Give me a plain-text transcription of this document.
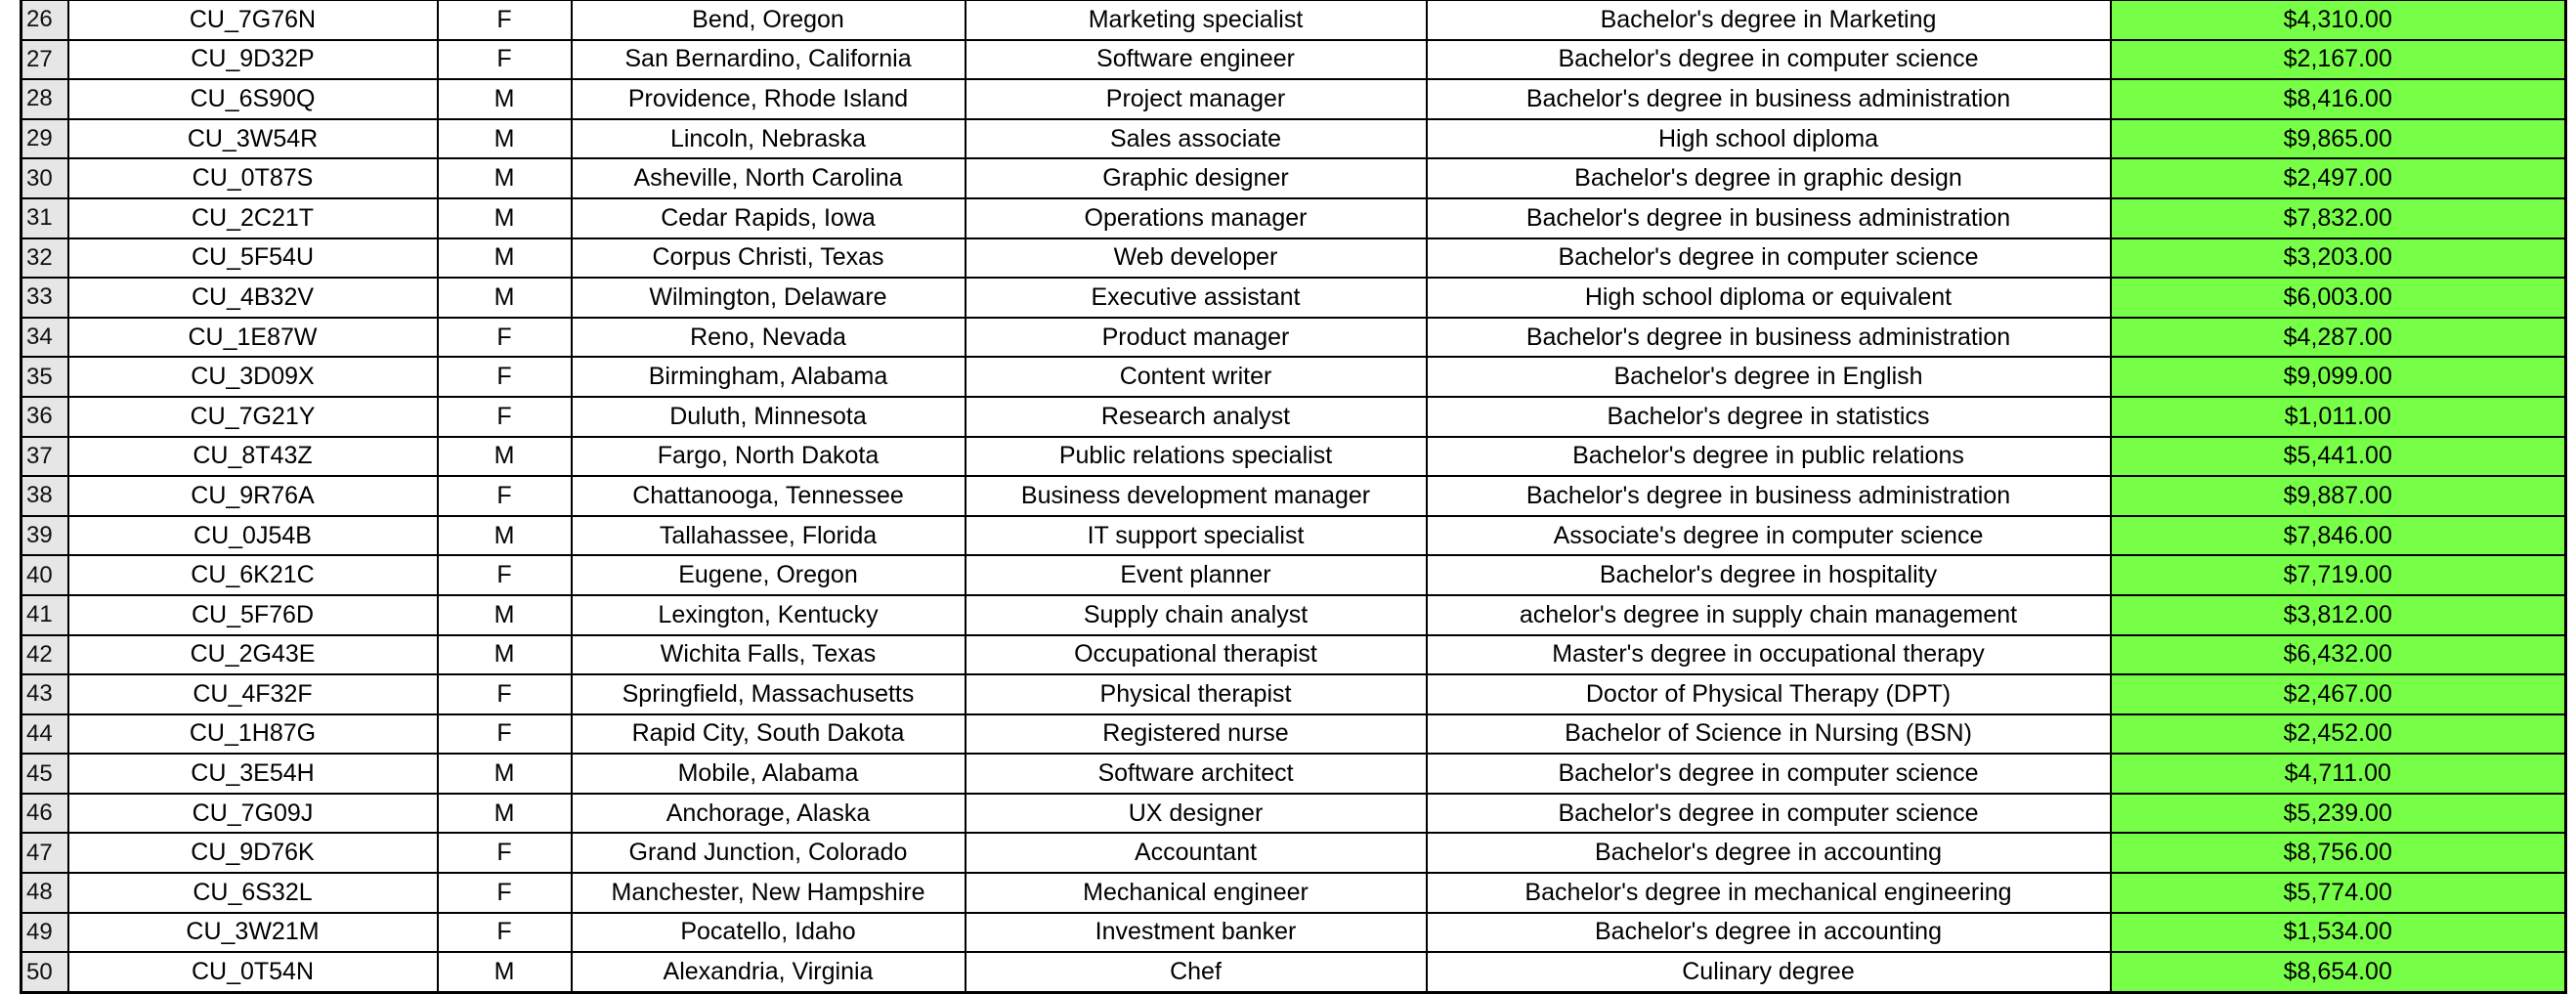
26	CU_7G76N	F	Bend, Oregon	Marketing specialist	Bachelor's degree in Marketing	$4,310.00
27	CU_9D32P	F	San Bernardino, California	Software engineer	Bachelor's degree in computer science	$2,167.00
28	CU_6S90Q	M	Providence, Rhode Island	Project manager	Bachelor's degree in business administration	$8,416.00
29	CU_3W54R	M	Lincoln, Nebraska	Sales associate	High school diploma	$9,865.00
30	CU_0T87S	M	Asheville, North Carolina	Graphic designer	Bachelor's degree in graphic design	$2,497.00
31	CU_2C21T	M	Cedar Rapids, Iowa	Operations manager	Bachelor's degree in business administration	$7,832.00
32	CU_5F54U	M	Corpus Christi, Texas	Web developer	Bachelor's degree in computer science	$3,203.00
33	CU_4B32V	M	Wilmington, Delaware	Executive assistant	High school diploma or equivalent	$6,003.00
34	CU_1E87W	F	Reno, Nevada	Product manager	Bachelor's degree in business administration	$4,287.00
35	CU_3D09X	F	Birmingham, Alabama	Content writer	Bachelor's degree in English	$9,099.00
36	CU_7G21Y	F	Duluth, Minnesota	Research analyst	Bachelor's degree in statistics	$1,011.00
37	CU_8T43Z	M	Fargo, North Dakota	Public relations specialist	Bachelor's degree in public relations	$5,441.00
38	CU_9R76A	F	Chattanooga, Tennessee	Business development manager	Bachelor's degree in business administration	$9,887.00
39	CU_0J54B	M	Tallahassee, Florida	IT support specialist	Associate's degree in computer science	$7,846.00
40	CU_6K21C	F	Eugene, Oregon	Event planner	Bachelor's degree in hospitality	$7,719.00
41	CU_5F76D	M	Lexington, Kentucky	Supply chain analyst	achelor's degree in supply chain management	$3,812.00
42	CU_2G43E	M	Wichita Falls, Texas	Occupational therapist	Master's degree in occupational therapy	$6,432.00
43	CU_4F32F	F	Springfield, Massachusetts	Physical therapist	Doctor of Physical Therapy (DPT)	$2,467.00
44	CU_1H87G	F	Rapid City, South Dakota	Registered nurse	Bachelor of Science in Nursing (BSN)	$2,452.00
45	CU_3E54H	M	Mobile, Alabama	Software architect	Bachelor's degree in computer science	$4,711.00
46	CU_7G09J	M	Anchorage, Alaska	UX designer	Bachelor's degree in computer science	$5,239.00
47	CU_9D76K	F	Grand Junction, Colorado	Accountant	Bachelor's degree in accounting	$8,756.00
48	CU_6S32L	F	Manchester, New Hampshire	Mechanical engineer	Bachelor's degree in mechanical engineering	$5,774.00
49	CU_3W21M	F	Pocatello, Idaho	Investment banker	Bachelor's degree in accounting	$1,534.00
50	CU_0T54N	M	Alexandria, Virginia	Chef	Culinary degree	$8,654.00
